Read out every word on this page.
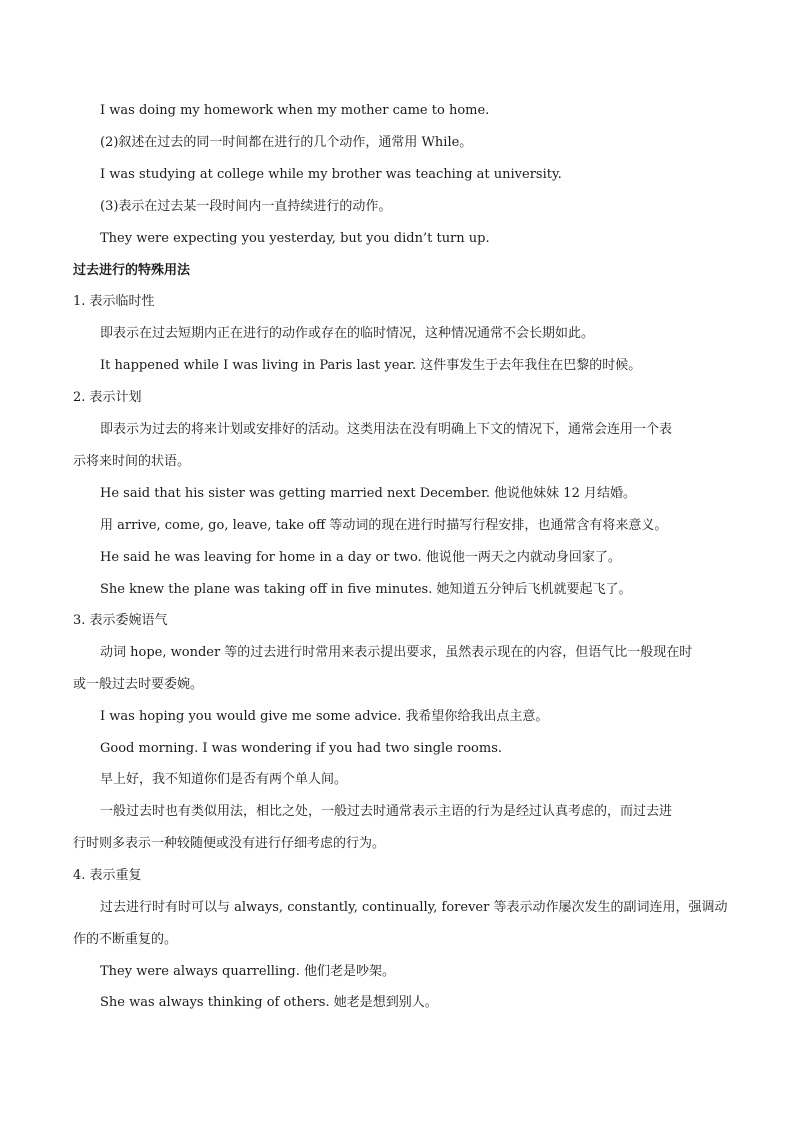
I was doing my homework when my mother came to home.
(2)叙述在过去的同一时间都在进行的几个动作，通常用 While。
I was studying at college while my brother was teaching at university.
(3)表示在过去某一段时间内一直持续进行的动作。
They were expecting you yesterday, but you didn’t turn up.
过去进行的特殊用法
1. 表示临时性
即表示在过去短期内正在进行的动作或存在的临时情况，这种情况通常不会长期如此。
It happened while I was living in Paris last year. 这件事发生于去年我住在巴黎的时候。
2. 表示计划
即表示为过去的将来计划或安排好的活动。这类用法在没有明确上下文的情况下，通常会连用一个表
示将来时间的状语。
He said that his sister was getting married next December. 他说他妹妹 12 月结婚。
用 arrive, come, go, leave, take off 等动词的现在进行时描写行程安排，也通常含有将来意义。
He said he was leaving for home in a day or two. 他说他一两天之内就动身回家了。
She knew the plane was taking off in five minutes. 她知道五分钟后飞机就要起飞了。
3. 表示委婉语气
动词 hope, wonder 等的过去进行时常用来表示提出要求，虽然表示现在的内容，但语气比一般现在时
或一般过去时要委婉。
I was hoping you would give me some advice. 我希望你给我出点主意。
Good morning. I was wondering if you had two single rooms.
早上好，我不知道你们是否有两个单人间。
一般过去时也有类似用法，相比之处，一般过去时通常表示主语的行为是经过认真考虑的，而过去进
行时则多表示一种较随便或没有进行仔细考虑的行为。
4. 表示重复
过去进行时有时可以与 always, constantly, continually, forever 等表示动作屡次发生的副词连用，强调动
作的不断重复的。
They were always quarrelling. 他们老是吵架。
She was always thinking of others. 她老是想到别人。
